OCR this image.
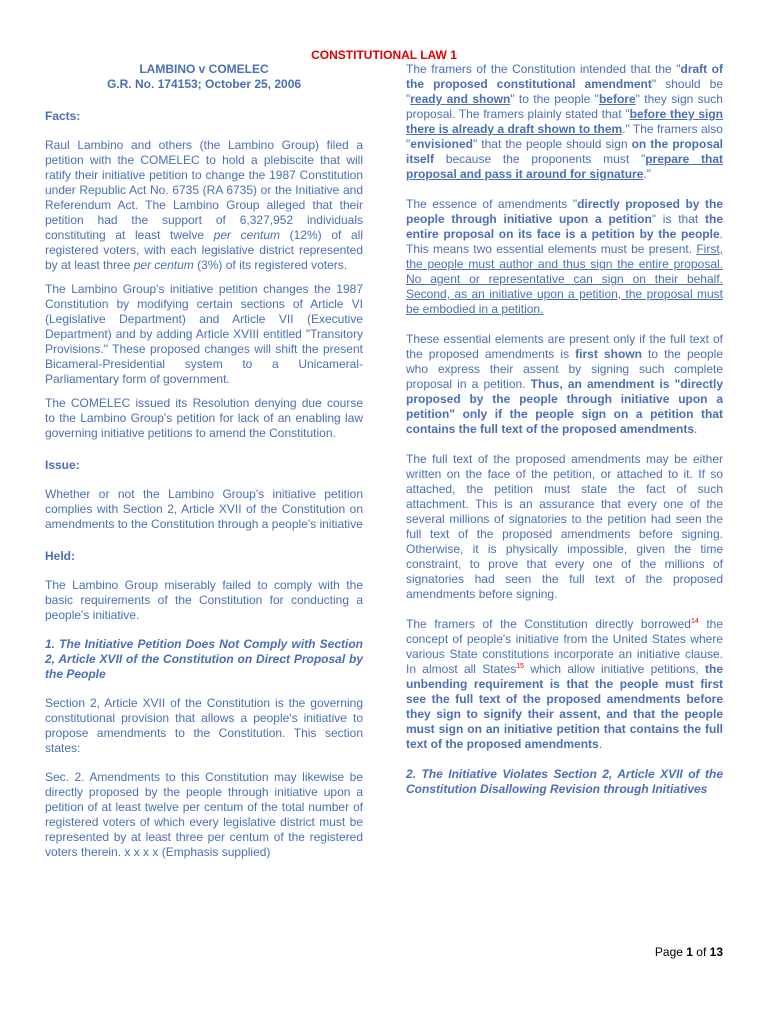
CONSTITUTIONAL LAW 1

LAMBINO v COMELEC

G.R. No. 174153; October 25, 2006

Facts:

Raul Lambino and others (the Lambino Group) filed a petition with the COMELEC to hold a plebiscite that will ratify their initiative petition to change the 1987 Constitution under Republic Act No. 6735 (RA 6735) or the Initiative and Referendum Act. The Lambino Group alleged that their petition had the support of 6,327,952 individuals constituting at least twelve per centum (12%) of all registered voters, with each legislative district represented by at least three per centum (3%) of its registered voters.

The Lambino Group's initiative petition changes the 1987 Constitution by modifying certain sections of Article VI (Legislative Department) and Article VII (Executive Department) and by adding Article XVIII entitled "Transitory Provisions." These proposed changes will shift the present Bicameral-Presidential system to a Unicameral-Parliamentary form of government.

The COMELEC issued its Resolution denying due course to the Lambino Group's petition for lack of an enabling law governing initiative petitions to amend the Constitution.

Issue:

Whether or not the Lambino Group's initiative petition complies with Section 2, Article XVII of the Constitution on amendments to the Constitution through a people's initiative

Held:

The Lambino Group miserably failed to comply with the basic requirements of the Constitution for conducting a people's initiative.

1. The Initiative Petition Does Not Comply with Section 2, Article XVII of the Constitution on Direct Proposal by the People

Section 2, Article XVII of the Constitution is the governing constitutional provision that allows a people's initiative to propose amendments to the Constitution. This section states:

Sec. 2. Amendments to this Constitution may likewise be directly proposed by the people through initiative upon a petition of at least twelve per centum of the total number of registered voters of which every legislative district must be represented by at least three per centum of the registered voters therein. x x x x (Emphasis supplied)

The framers of the Constitution intended that the "draft of the proposed constitutional amendment" should be "ready and shown" to the people "before" they sign such proposal. The framers plainly stated that "before they sign there is already a draft shown to them." The framers also "envisioned" that the people should sign on the proposal itself because the proponents must "prepare that proposal and pass it around for signature."

The essence of amendments "directly proposed by the people through initiative upon a petition" is that the entire proposal on its face is a petition by the people. This means two essential elements must be present. First, the people must author and thus sign the entire proposal. No agent or representative can sign on their behalf. Second, as an initiative upon a petition, the proposal must be embodied in a petition.

These essential elements are present only if the full text of the proposed amendments is first shown to the people who express their assent by signing such complete proposal in a petition. Thus, an amendment is "directly proposed by the people through initiative upon a petition" only if the people sign on a petition that contains the full text of the proposed amendments.

The full text of the proposed amendments may be either written on the face of the petition, or attached to it. If so attached, the petition must state the fact of such attachment. This is an assurance that every one of the several millions of signatories to the petition had seen the full text of the proposed amendments before signing. Otherwise, it is physically impossible, given the time constraint, to prove that every one of the millions of signatories had seen the full text of the proposed amendments before signing.

The framers of the Constitution directly borrowed$^{14}$ the concept of people's initiative from the United States where various State constitutions incorporate an initiative clause. In almost all States$^{15}$ which allow initiative petitions, the unbending requirement is that the people must first see the full text of the proposed amendments before they sign to signify their assent, and that the people must sign on an initiative petition that contains the full text of the proposed amendments.

2. The Initiative Violates Section 2, Article XVII of the Constitution Disallowing Revision through Initiatives

Page 1 of 13
